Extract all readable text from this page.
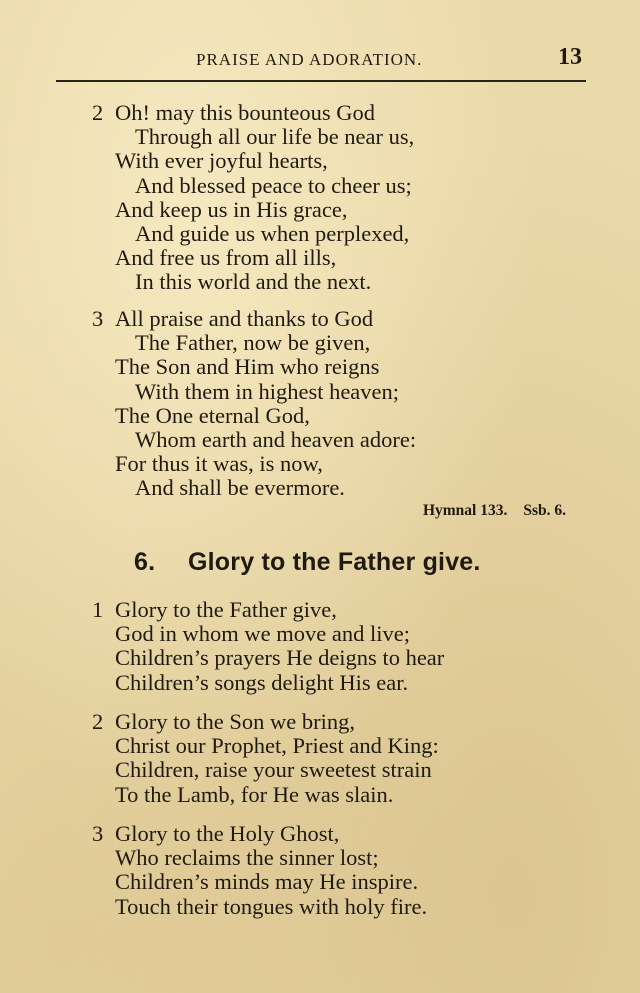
PRAISE AND ADORATION.	13
2 Oh! may this bounteous God
Through all our life be near us,
With ever joyful hearts,
And blessed peace to cheer us;
And keep us in His grace,
And guide us when perplexed,
And free us from all ills,
In this world and the next.
3 All praise and thanks to God
The Father, now be given,
The Son and Him who reigns
With them in highest heaven;
The One eternal God,
Whom earth and heaven adore:
For thus it was, is now,
And shall be evermore.
Hymnal 133. Ssb. 6.
6. Glory to the Father give.
1 Glory to the Father give,
God in whom we move and live;
Children’s prayers He deigns to hear
Children’s songs delight His ear.
2 Glory to the Son we bring,
Christ our Prophet, Priest and King:
Children, raise your sweetest strain
To the Lamb, for He was slain.
3 Glory to the Holy Ghost,
Who reclaims the sinner lost;
Children’s minds may He inspire.
Touch their tongues with holy fire.
